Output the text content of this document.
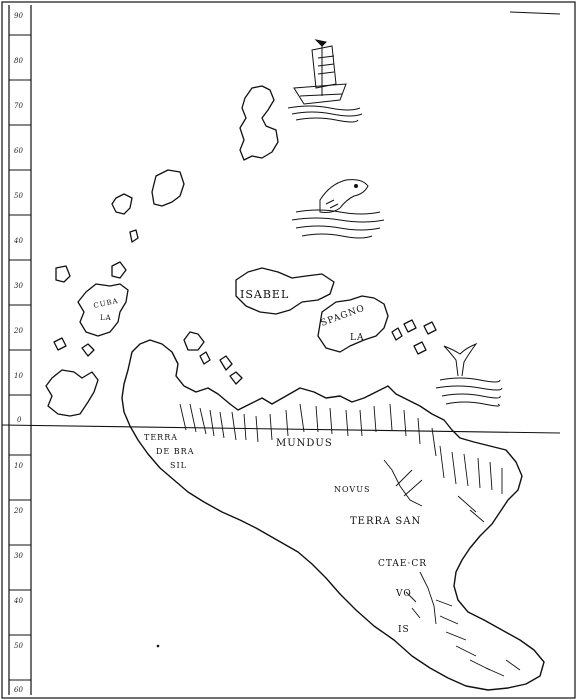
90
80
70
60
50
40
30
20
10
0
10
20
30
40
50
60
ISABEL
SPAGNO
LA
CUBA
LA
TERRA
DE BRA
SIL
MUNDUS
NOVUS
TERRA SAN
CTAE·CR
VO
IS
